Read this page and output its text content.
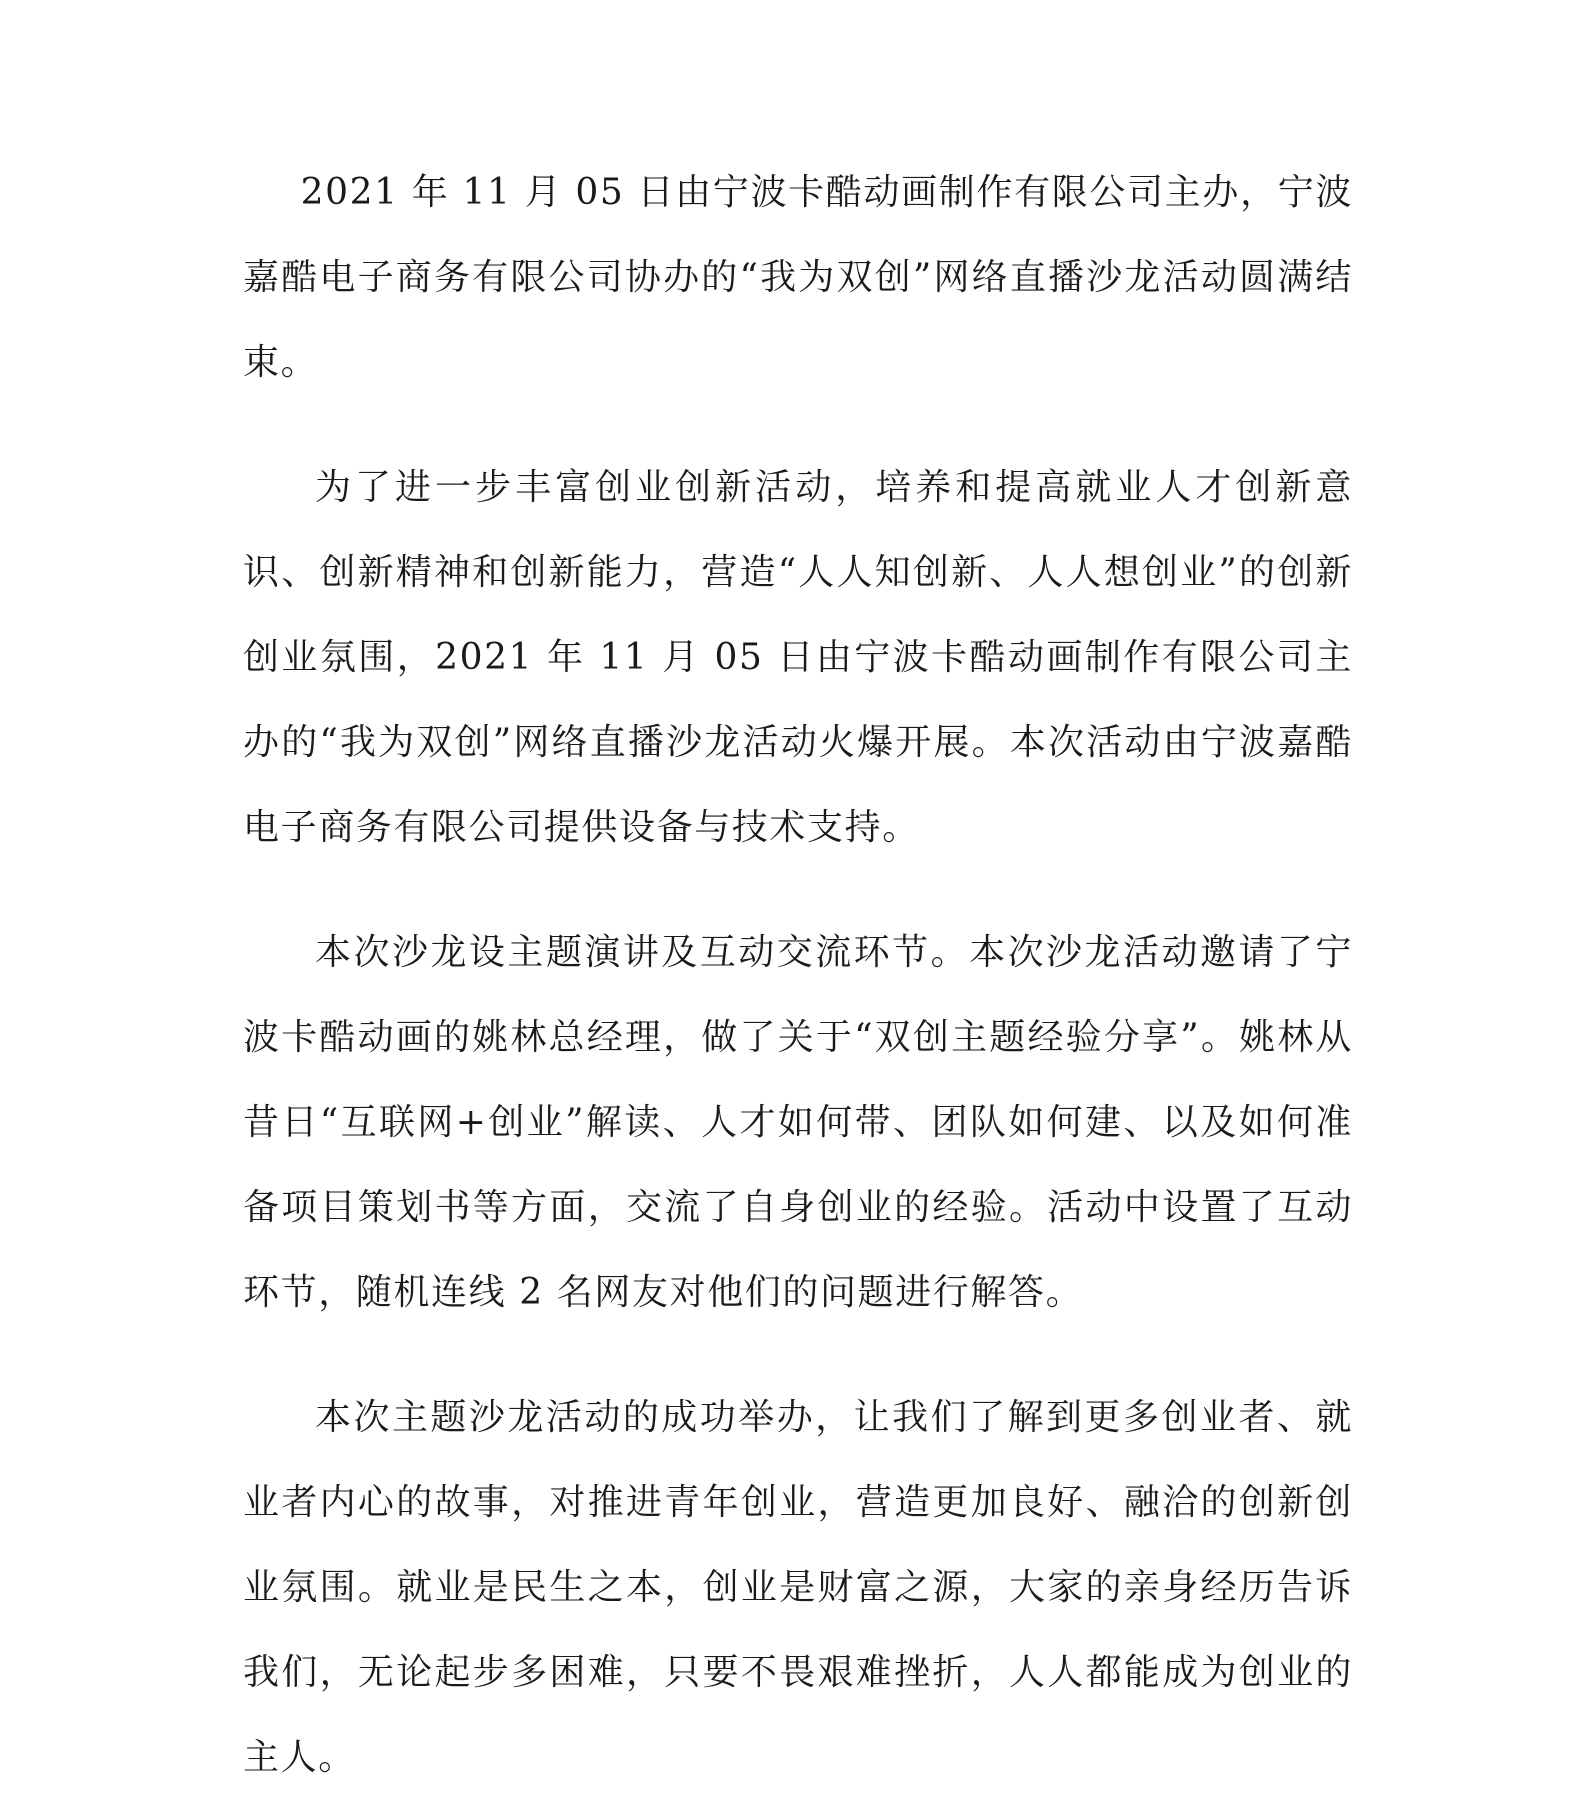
2021 年 11 月 05 日由宁波卡酷动画制作有限公司主办，宁波嘉酷电子商务有限公司协办的“我为双创”网络直播沙龙活动圆满结束。

为了进一步丰富创业创新活动，培养和提高就业人才创新意识、创新精神和创新能力，营造“人人知创新、人人想创业”的创新创业氛围，2021 年 11 月 05 日由宁波卡酷动画制作有限公司主办的“我为双创”网络直播沙龙活动火爆开展。本次活动由宁波嘉酷电子商务有限公司提供设备与技术支持。

本次沙龙设主题演讲及互动交流环节。本次沙龙活动邀请了宁波卡酷动画的姚林总经理，做了关于“双创主题经验分享”。姚林从昔日“互联网+创业”解读、人才如何带、团队如何建、以及如何准备项目策划书等方面，交流了自身创业的经验。活动中设置了互动环节，随机连线 2 名网友对他们的问题进行解答。

本次主题沙龙活动的成功举办，让我们了解到更多创业者、就业者内心的故事，对推进青年创业，营造更加良好、融洽的创新创业氛围。就业是民生之本，创业是财富之源，大家的亲身经历告诉我们，无论起步多困难，只要不畏艰难挫折，人人都能成为创业的主人。
